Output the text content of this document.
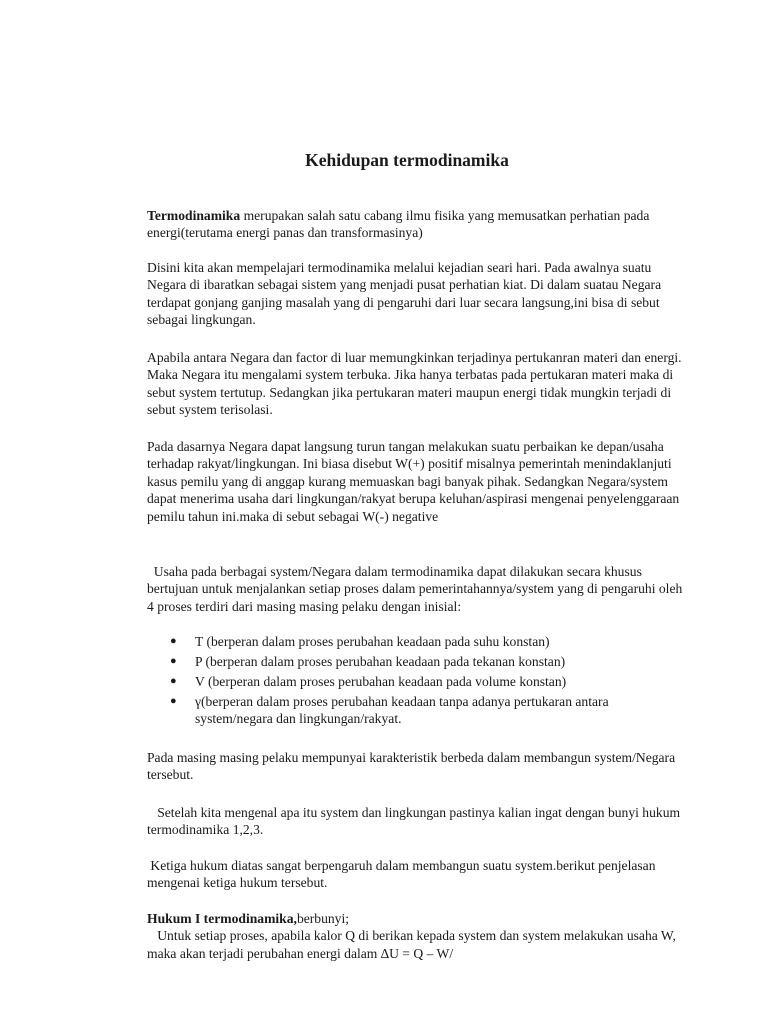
Kehidupan termodinamika

Termodinamika merupakan salah satu cabang ilmu fisika yang memusatkan perhatian pada energi(terutama energi panas dan transformasinya)

Disini kita akan mempelajari termodinamika melalui kejadian seari hari. Pada awalnya suatu Negara di ibaratkan sebagai sistem yang menjadi pusat perhatian kiat. Di dalam suatau Negara terdapat gonjang ganjing masalah yang di pengaruhi dari luar secara langsung,ini bisa di sebut sebagai lingkungan.

Apabila antara Negara dan factor di luar memungkinkan terjadinya pertukanran materi dan energi. Maka Negara itu mengalami system terbuka. Jika hanya terbatas pada pertukaran materi maka di sebut system tertutup. Sedangkan jika pertukaran materi maupun energi tidak mungkin terjadi di sebut system terisolasi.

Pada dasarnya Negara dapat langsung turun tangan melakukan suatu perbaikan ke depan/usaha terhadap rakyat/lingkungan. Ini biasa disebut W(+) positif misalnya pemerintah menindaklanjuti kasus pemilu yang di anggap kurang memuaskan bagi banyak pihak. Sedangkan Negara/system dapat menerima usaha dari lingkungan/rakyat berupa keluhan/aspirasi mengenai penyelenggaraan pemilu tahun ini.maka di sebut sebagai W(-) negative

Usaha pada berbagai system/Negara dalam termodinamika dapat dilakukan secara khusus bertujuan untuk menjalankan setiap proses dalam pemerintahannya/system yang di pengaruhi oleh 4 proses terdiri dari masing masing pelaku dengan inisial:

● T (berperan dalam proses perubahan keadaan pada suhu konstan)
● P (berperan dalam proses perubahan keadaan pada tekanan konstan)
● V (berperan dalam proses perubahan keadaan pada volume konstan)
● γ(berperan dalam proses perubahan keadaan tanpa adanya pertukaran antara system/negara dan lingkungan/rakyat.

Pada masing masing pelaku mempunyai karakteristik berbeda dalam membangun system/Negara tersebut.

Setelah kita mengenal apa itu system dan lingkungan pastinya kalian ingat dengan bunyi hukum termodinamika 1,2,3.

Ketiga hukum diatas sangat berpengaruh dalam membangun suatu system.berikut penjelasan mengenai ketiga hukum tersebut.

Hukum I termodinamika,berbunyi;
Untuk setiap proses, apabila kalor Q di berikan kepada system dan system melakukan usaha W, maka akan terjadi perubahan energi dalam ∆U = Q – W/
